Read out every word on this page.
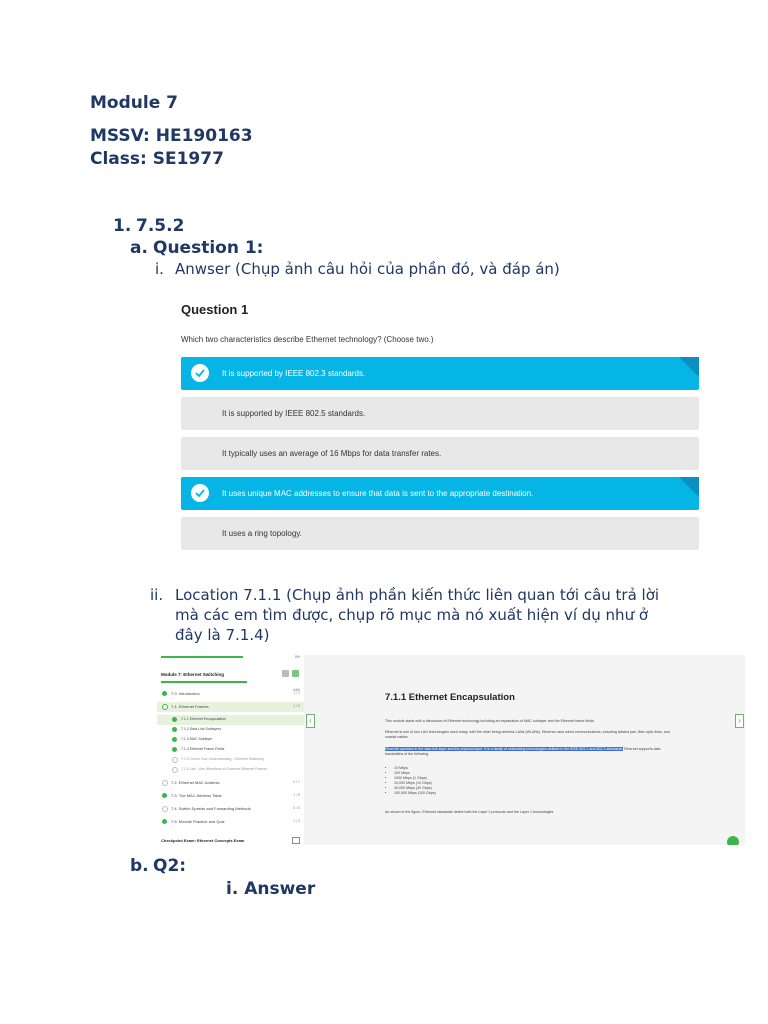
Module 7
MSSV: HE190163
Class: SE1977
1. 7.5.2
a. Question 1:
i. Anwser (Chụp ảnh câu hỏi của phần đó, và đáp án)
Question 1
Which two characteristics describe Ethernet technology? (Choose two.)
It is supported by IEEE 802.3 standards.
It is supported by IEEE 802.5 standards.
It typically uses an average of 16 Mbps for data transfer rates.
It uses unique MAC addresses to ensure that data is sent to the appropriate destination.
It uses a ring topology.
ii. Location 7.1.1 (Chụp ảnh phần kiến thức liên quan tới câu trả lời
mà các em tìm được, chụp rõ mục mà nó xuất hiện ví dụ như ở
đây là 7.1.4)
0%
Module 7: Ethernet Switching
14%
7.0. Introduction	1 / 1
7.1. Ethernet Frames	1 / 5
7.1.1 Ethernet Encapsulation
7.1.2 Data Link Sublayers
7.1.3 MAC Sublayer
7.1.4 Ethernet Frame Fields
7.1.5 Check Your Understanding - Ethernet Switching
7.1.6 Lab - Use Wireshark to Examine Ethernet Frames
7.2. Ethernet MAC Address	0 / 7
7.3. The MAC Address Table	1 / 5
7.4. Switch Speeds and Forwarding Methods	0 / 5
7.5. Module Practice and Quiz	1 / 3
Checkpoint Exam: Ethernet Concepts Exam
‹	›
7.1.1 Ethernet Encapsulation
This module starts with a discussion of Ethernet technology including an explanation of MAC sublayer and the Ethernet frame fields.
Ethernet is one of two LAN technologies used today, with the other being wireless LANs (WLANs). Ethernet uses wired communications, including twisted pair, fiber-optic links, and coaxial cables.
Ethernet operates in the data link layer and the physical layer. It is a family of networking technologies defined in the IEEE 802.2 and 802.3 standards. Ethernet supports data bandwidths of the following:
• 10 Mbps
• 100 Mbps
• 1000 Mbps (1 Gbps)
• 10,000 Mbps (10 Gbps)
• 40,000 Mbps (40 Gbps)
• 100,000 Mbps (100 Gbps)
As shown in the figure, Ethernet standards define both the Layer 2 protocols and the Layer 1 technologies.
b. Q2:
i. Answer
